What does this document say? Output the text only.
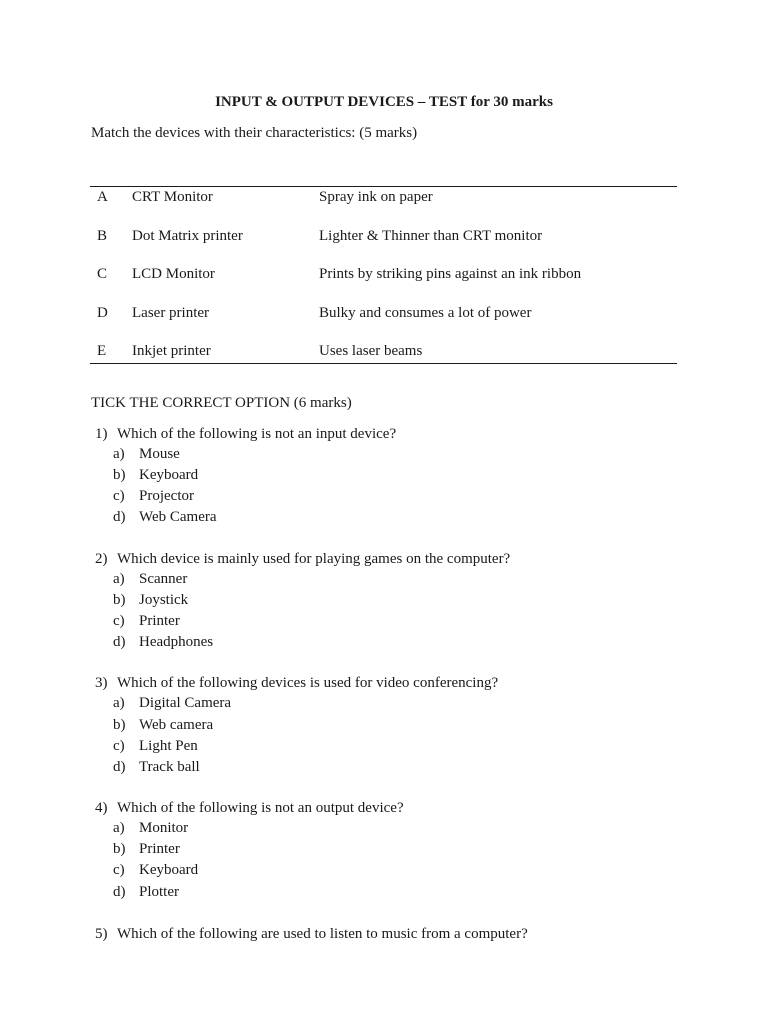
INPUT & OUTPUT DEVICES – TEST for 30 marks
Match the devices with their characteristics: (5 marks)
A CRT Monitor	Spray ink on paper
B Dot Matrix printer	Lighter & Thinner than CRT monitor
C LCD Monitor	Prints by striking pins against an ink ribbon
D Laser printer	Bulky and consumes a lot of power
E Inkjet printer	Uses laser beams
TICK THE CORRECT OPTION (6 marks)
1) Which of the following is not an input device?
a) Mouse
b) Keyboard
c) Projector
d) Web Camera
2) Which device is mainly used for playing games on the computer?
a) Scanner
b) Joystick
c) Printer
d) Headphones
3) Which of the following devices is used for video conferencing?
a) Digital Camera
b) Web camera
c) Light Pen
d) Track ball
4) Which of the following is not an output device?
a) Monitor
b) Printer
c) Keyboard
d) Plotter
5) Which of the following are used to listen to music from a computer?
